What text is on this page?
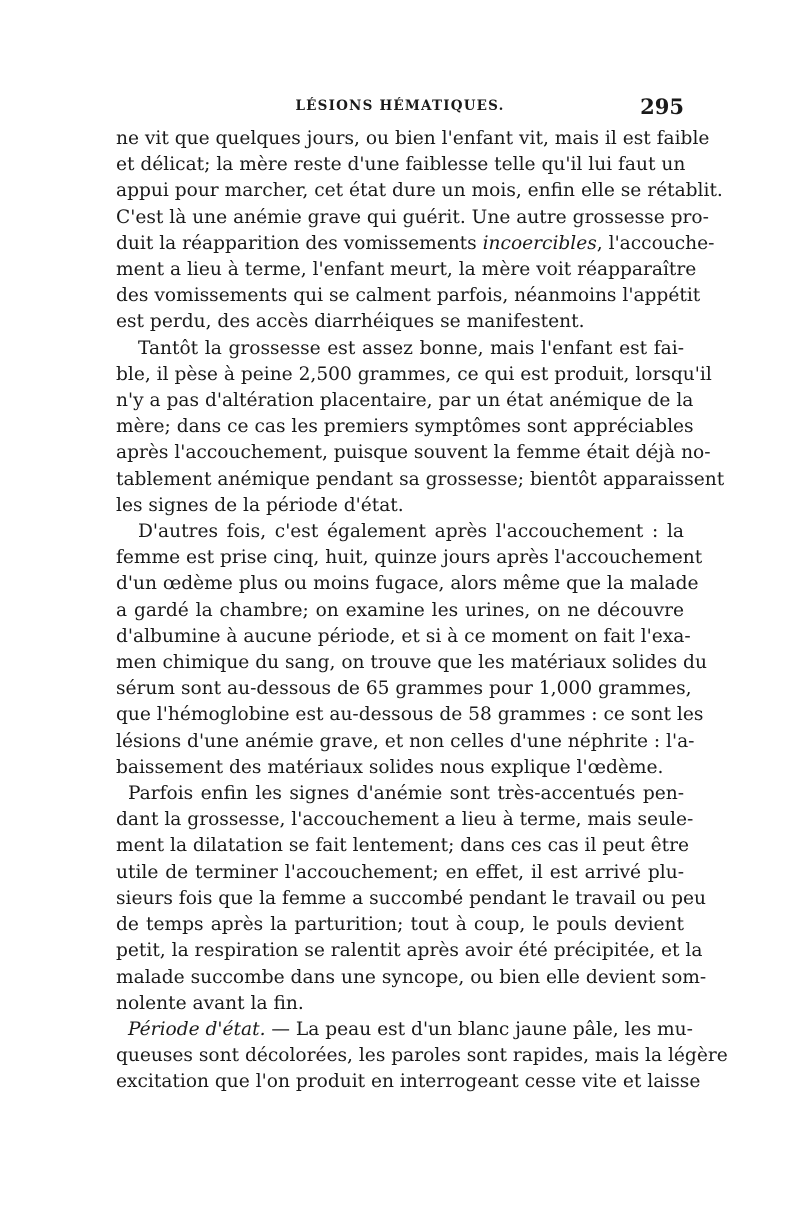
LÉSIONS HÉMATIQUES.	295
ne vit que quelques jours, ou bien l'enfant vit, mais il est faible
et délicat; la mère reste d'une faiblesse telle qu'il lui faut un
appui pour marcher, cet état dure un mois, enfin elle se rétablit.
C'est là une anémie grave qui guérit. Une autre grossesse pro-
duit la réapparition des vomissements incoercibles, l'accouche-
ment a lieu à terme, l'enfant meurt, la mère voit réapparaître
des vomissements qui se calment parfois, néanmoins l'appétit
est perdu, des accès diarrhéiques se manifestent.
Tantôt la grossesse est assez bonne, mais l'enfant est fai-
ble, il pèse à peine 2,500 grammes, ce qui est produit, lorsqu'il
n'y a pas d'altération placentaire, par un état anémique de la
mère; dans ce cas les premiers symptômes sont appréciables
après l'accouchement, puisque souvent la femme était déjà no-
tablement anémique pendant sa grossesse; bientôt apparaissent
les signes de la période d'état.
D'autres fois, c'est également après l'accouchement : la
femme est prise cinq, huit, quinze jours après l'accouchement
d'un œdème plus ou moins fugace, alors même que la malade
a gardé la chambre; on examine les urines, on ne découvre
d'albumine à aucune période, et si à ce moment on fait l'exa-
men chimique du sang, on trouve que les matériaux solides du
sérum sont au-dessous de 65 grammes pour 1,000 grammes,
que l'hémoglobine est au-dessous de 58 grammes : ce sont les
lésions d'une anémie grave, et non celles d'une néphrite : l'a-
baissement des matériaux solides nous explique l'œdème.
Parfois enfin les signes d'anémie sont très-accentués pen-
dant la grossesse, l'accouchement a lieu à terme, mais seule-
ment la dilatation se fait lentement; dans ces cas il peut être
utile de terminer l'accouchement; en effet, il est arrivé plu-
sieurs fois que la femme a succombé pendant le travail ou peu
de temps après la parturition; tout à coup, le pouls devient
petit, la respiration se ralentit après avoir été précipitée, et la
malade succombe dans une syncope, ou bien elle devient som-
nolente avant la fin.
Période d'état. — La peau est d'un blanc jaune pâle, les mu-
queuses sont décolorées, les paroles sont rapides, mais la légère
excitation que l'on produit en interrogeant cesse vite et laisse
